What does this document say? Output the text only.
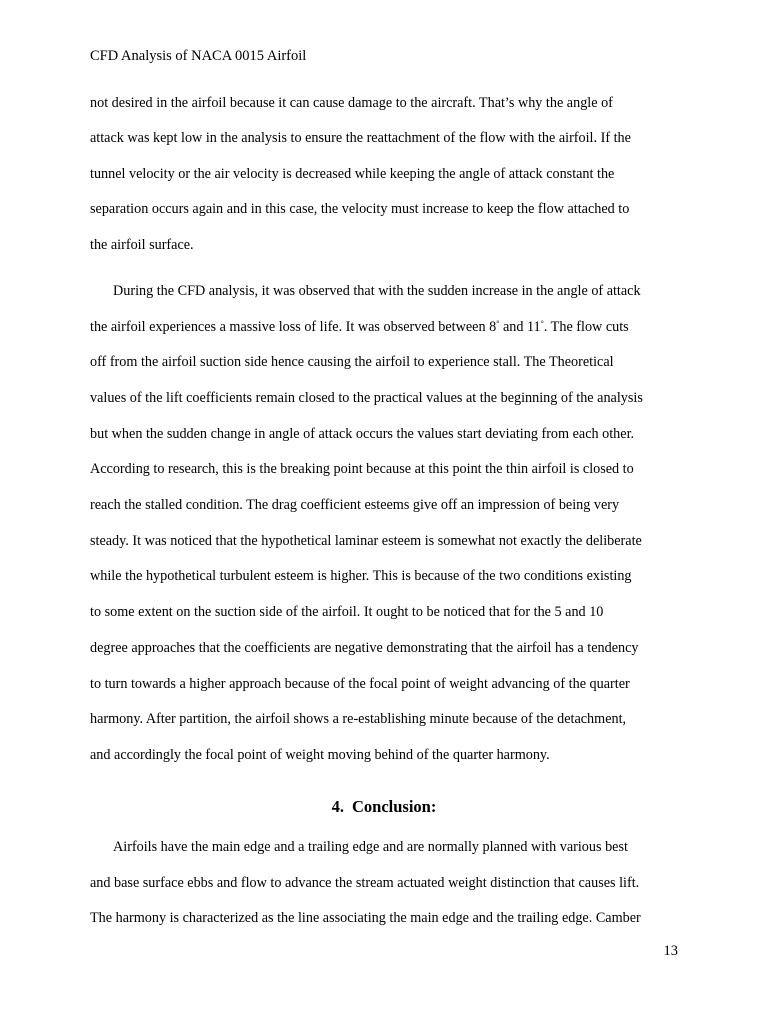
CFD Analysis of NACA 0015 Airfoil
not desired in the airfoil because it can cause damage to the aircraft. That’s why the angle of
attack was kept low in the analysis to ensure the reattachment of the flow with the airfoil. If the
tunnel velocity or the air velocity is decreased while keeping the angle of attack constant the
separation occurs again and in this case, the velocity must increase to keep the flow attached to
the airfoil surface.
During the CFD analysis, it was observed that with the sudden increase in the angle of attack
the airfoil experiences a massive loss of life. It was observed between 8° and 11°. The flow cuts
off from the airfoil suction side hence causing the airfoil to experience stall. The Theoretical
values of the lift coefficients remain closed to the practical values at the beginning of the analysis
but when the sudden change in angle of attack occurs the values start deviating from each other.
According to research, this is the breaking point because at this point the thin airfoil is closed to
reach the stalled condition. The drag coefficient esteems give off an impression of being very
steady. It was noticed that the hypothetical laminar esteem is somewhat not exactly the deliberate
while the hypothetical turbulent esteem is higher. This is because of the two conditions existing
to some extent on the suction side of the airfoil. It ought to be noticed that for the 5 and 10
degree approaches that the coefficients are negative demonstrating that the airfoil has a tendency
to turn towards a higher approach because of the focal point of weight advancing of the quarter
harmony. After partition, the airfoil shows a re-establishing minute because of the detachment,
and accordingly the focal point of weight moving behind of the quarter harmony.
4. Conclusion:
Airfoils have the main edge and a trailing edge and are normally planned with various best
and base surface ebbs and flow to advance the stream actuated weight distinction that causes lift.
The harmony is characterized as the line associating the main edge and the trailing edge. Camber
13
